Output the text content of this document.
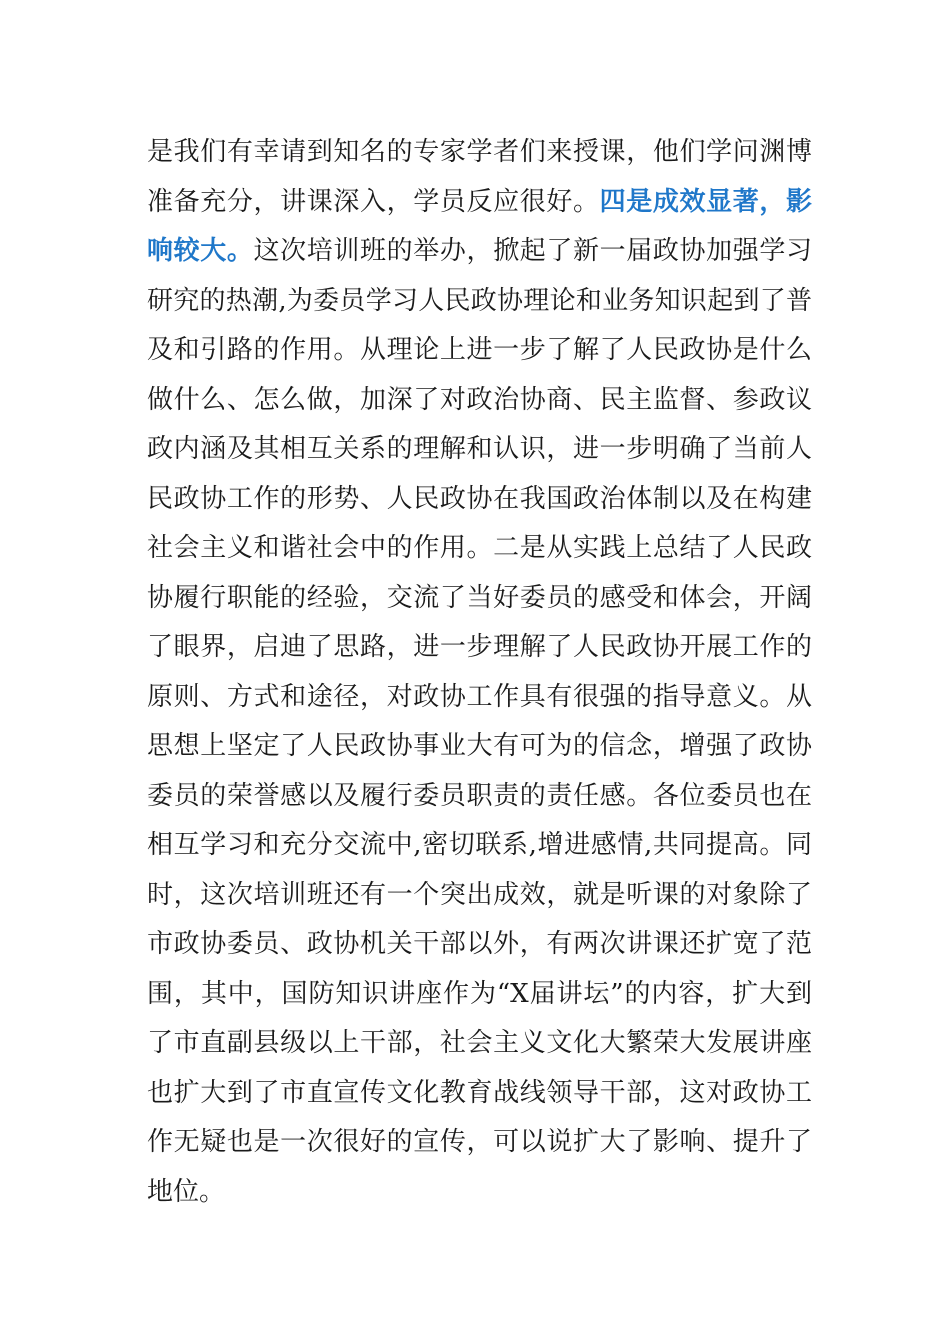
是我们有幸请到知名的专家学者们来授课，他们学问渊博
准备充分，讲课深入，学员反应很好。四是成效显著，影
响较大。这次培训班的举办，掀起了新一届政协加强学习
研究的热潮,为委员学习人民政协理论和业务知识起到了普
及和引路的作用。从理论上进一步了解了人民政协是什么
做什么、怎么做，加深了对政治协商、民主监督、参政议
政内涵及其相互关系的理解和认识，进一步明确了当前人
民政协工作的形势、人民政协在我国政治体制以及在构建
社会主义和谐社会中的作用。二是从实践上总结了人民政
协履行职能的经验，交流了当好委员的感受和体会，开阔
了眼界，启迪了思路，进一步理解了人民政协开展工作的
原则、方式和途径，对政协工作具有很强的指导意义。从
思想上坚定了人民政协事业大有可为的信念，增强了政协
委员的荣誉感以及履行委员职责的责任感。各位委员也在
相互学习和充分交流中,密切联系,增进感情,共同提高。同
时，这次培训班还有一个突出成效，就是听课的对象除了
市政协委员、政协机关干部以外，有两次讲课还扩宽了范
围，其中，国防知识讲座作为“X届讲坛”的内容，扩大到
了市直副县级以上干部，社会主义文化大繁荣大发展讲座
也扩大到了市直宣传文化教育战线领导干部，这对政协工
作无疑也是一次很好的宣传，可以说扩大了影响、提升了
地位。
